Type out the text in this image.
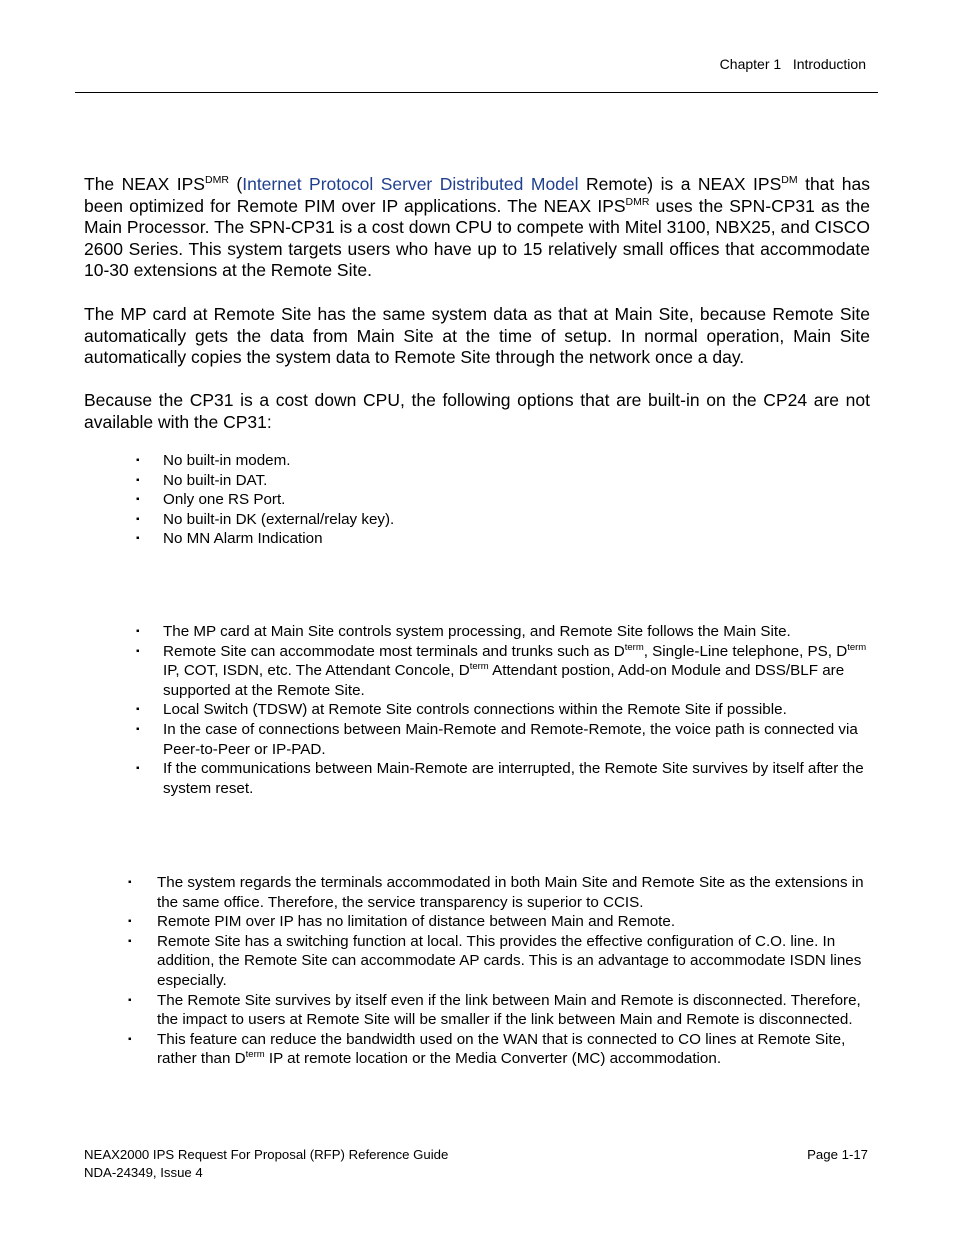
Chapter 1 Introduction
The NEAX $IPS^{DMR}$ (Internet Protocol Server Distributed Model Remote) is a NEAX $IPS^{DM}$ that has been optimized for Remote PIM over IP applications. The NEAX $IPS^{DMR}$ uses the SPN-CP31 as the Main Processor. The SPN-CP31 is a cost down CPU to compete with Mitel 3100, NBX25, and CISCO 2600 Series. This system targets users who have up to 15 relatively small offices that accommodate 10-30 extensions at the Remote Site.
The MP card at Remote Site has the same system data as that at Main Site, because Remote Site automatically gets the data from Main Site at the time of setup. In normal operation, Main Site automatically copies the system data to Remote Site through the network once a day.
Because the CP31 is a cost down CPU, the following options that are built-in on the CP24 are not available with the CP31:
▪ No built-in modem.
▪ No built-in DAT.
▪ Only one RS Port.
▪ No built-in DK (external/relay key).
▪ No MN Alarm Indication
▪ The MP card at Main Site controls system processing, and Remote Site follows the Main Site.
▪ Remote Site can accommodate most terminals and trunks such as $D^{term}$, Single-Line telephone, PS, $D^{term}$ IP, COT, ISDN, etc. The Attendant Concole, $D^{term}$ Attendant postion, Add-on Module and DSS/BLF are        supported at the Remote Site.
▪ Local Switch (TDSW) at Remote Site controls connections within the Remote Site if possible.
▪ In the case of connections between Main-Remote and Remote-Remote, the voice path is connected via Peer-to-Peer or IP-PAD.
▪ If the communications between Main-Remote are interrupted, the Remote Site survives by itself after the system reset.
▪ The system regards the terminals accommodated in both Main Site and Remote Site as the extensions in the same office. Therefore, the service transparency is superior to CCIS.
▪ Remote PIM over IP has no limitation of distance between Main and Remote.
▪ Remote Site has a switching function at local. This provides the effective configuration of C.O. line. In addition, the Remote Site can accommodate AP cards. This is an advantage to accommodate ISDN lines especially.
▪ The Remote Site survives by itself even if the link between Main and Remote is disconnected. Therefore, the impact to users at Remote Site will be smaller if the link between Main and Remote is disconnected.
▪ This feature can reduce the bandwidth used on the WAN that is connected to CO lines at Remote Site, rather than $D^{term}$ IP at remote location or the Media Converter (MC) accommodation.
NEAX2000 IPS Request For Proposal (RFP) Reference Guide
NDA-24349, Issue 4
Page 1-17
